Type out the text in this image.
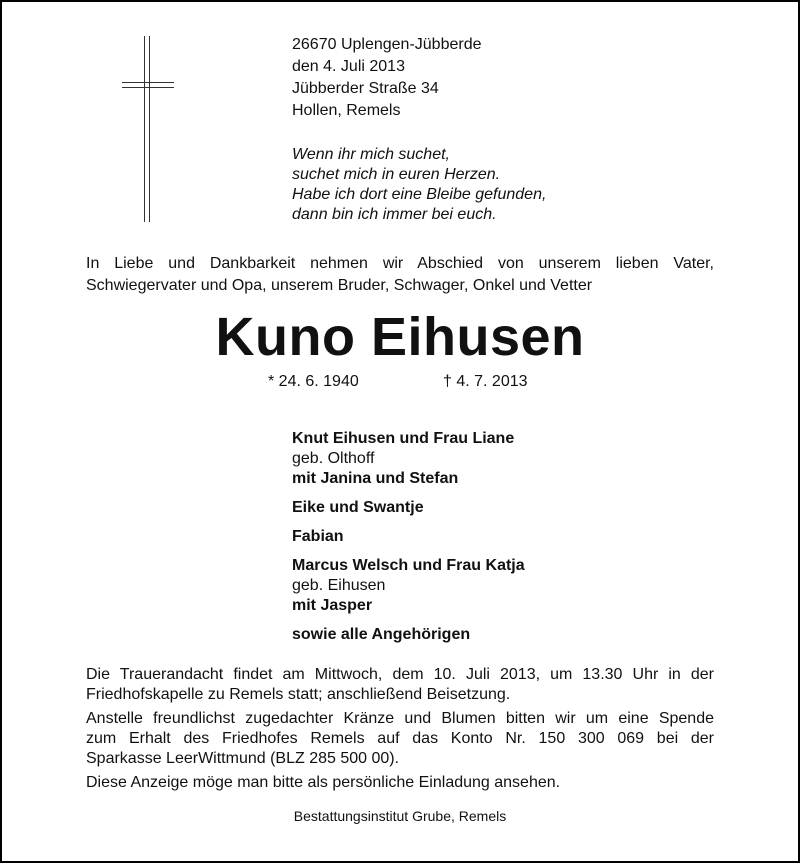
26670 Uplengen-Jübberde
den 4. Juli 2013
Jübberder Straße 34
Hollen, Remels
Wenn ihr mich suchet,
suchet mich in euren Herzen.
Habe ich dort eine Bleibe gefunden,
dann bin ich immer bei euch.
In Liebe und Dankbarkeit nehmen wir Abschied von unserem lieben Vater,
Schwiegervater und Opa, unserem Bruder, Schwager, Onkel und Vetter
Kuno Eihusen
* 24. 6. 1940	† 4. 7. 2013
Knut Eihusen und Frau Liane
geb. Olthoff
mit Janina und Stefan
Eike und Swantje
Fabian
Marcus Welsch und Frau Katja
geb. Eihusen
mit Jasper
sowie alle Angehörigen
Die Trauerandacht findet am Mittwoch, dem 10. Juli 2013, um 13.30 Uhr in der
Friedhofskapelle zu Remels statt; anschließend Beisetzung.
Anstelle freundlichst zugedachter Kränze und Blumen bitten wir um eine Spende
zum Erhalt des Friedhofes Remels auf das Konto Nr. 150 300 069 bei der
Sparkasse LeerWittmund (BLZ 285 500 00).
Diese Anzeige möge man bitte als persönliche Einladung ansehen.
Bestattungsinstitut Grube, Remels
